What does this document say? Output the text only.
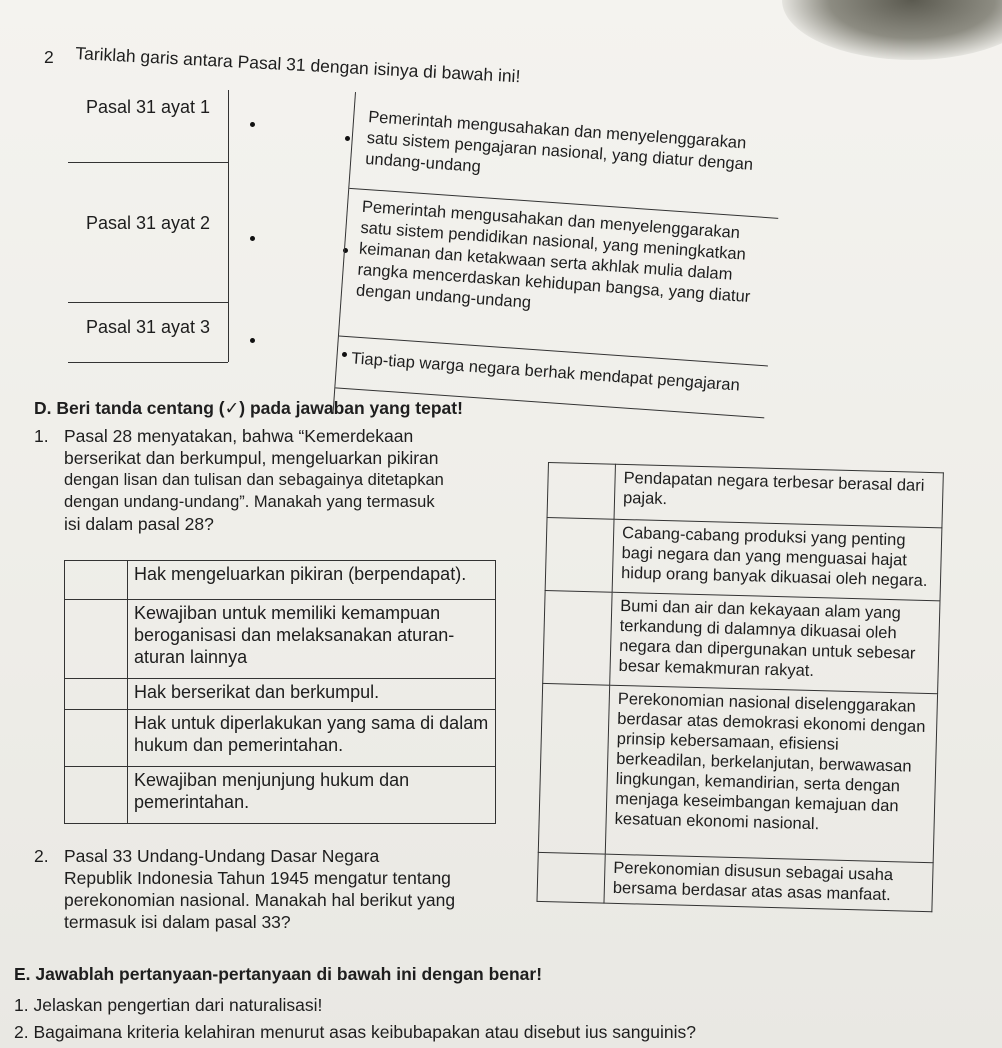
2 Tariklah garis antara Pasal 31 dengan isinya di bawah ini!
Pasal 31 ayat 1
Pasal 31 ayat 2
Pasal 31 ayat 3
Pemerintah mengusahakan dan menyelenggarakan satu sistem pengajaran nasional, yang diatur dengan undang-undang
Pemerintah mengusahakan dan menyelenggarakan satu sistem pendidikan nasional, yang meningkatkan keimanan dan ketakwaan serta akhlak mulia dalam rangka mencerdaskan kehidupan bangsa, yang diatur dengan undang-undang
Tiap-tiap warga negara berhak mendapat pengajaran
D. Beri tanda centang (✓) pada jawaban yang tepat!
1. Pasal 28 menyatakan, bahwa “Kemerdekaan
berserikat dan berkumpul, mengeluarkan pikiran
dengan lisan dan tulisan dan sebagainya ditetapkan
dengan undang-undang”. Manakah yang termasuk
isi dalam pasal 28?
	Hak mengeluarkan pikiran (berpendapat).
	Kewajiban untuk memiliki kemampuan beroganisasi dan melaksanakan aturan-aturan lainnya
	Hak berserikat dan berkumpul.
	Hak untuk diperlakukan yang sama di dalam hukum dan pemerintahan.
	Kewajiban menjunjung hukum dan pemerintahan.
2. Pasal 33 Undang-Undang Dasar Negara
Republik Indonesia Tahun 1945 mengatur tentang
perekonomian nasional. Manakah hal berikut yang
termasuk isi dalam pasal 33?
	Pendapatan negara terbesar berasal dari pajak.
	Cabang-cabang produksi yang penting bagi negara dan yang menguasai hajat hidup orang banyak dikuasai oleh negara.
	Bumi dan air dan kekayaan alam yang terkandung di dalamnya dikuasai oleh negara dan dipergunakan untuk sebesar besar kemakmuran rakyat.
	Perekonomian nasional diselenggarakan berdasar atas demokrasi ekonomi dengan prinsip kebersamaan, efisiensi berkeadilan, berkelanjutan, berwawasan lingkungan, kemandirian, serta dengan menjaga keseimbangan kemajuan dan kesatuan ekonomi nasional.
	Perekonomian disusun sebagai usaha bersama berdasar atas asas manfaat.
E. Jawablah pertanyaan-pertanyaan di bawah ini dengan benar!
1. Jelaskan pengertian dari naturalisasi!
2. Bagaimana kriteria kelahiran menurut asas keibubapakan atau disebut ius sanguinis?
